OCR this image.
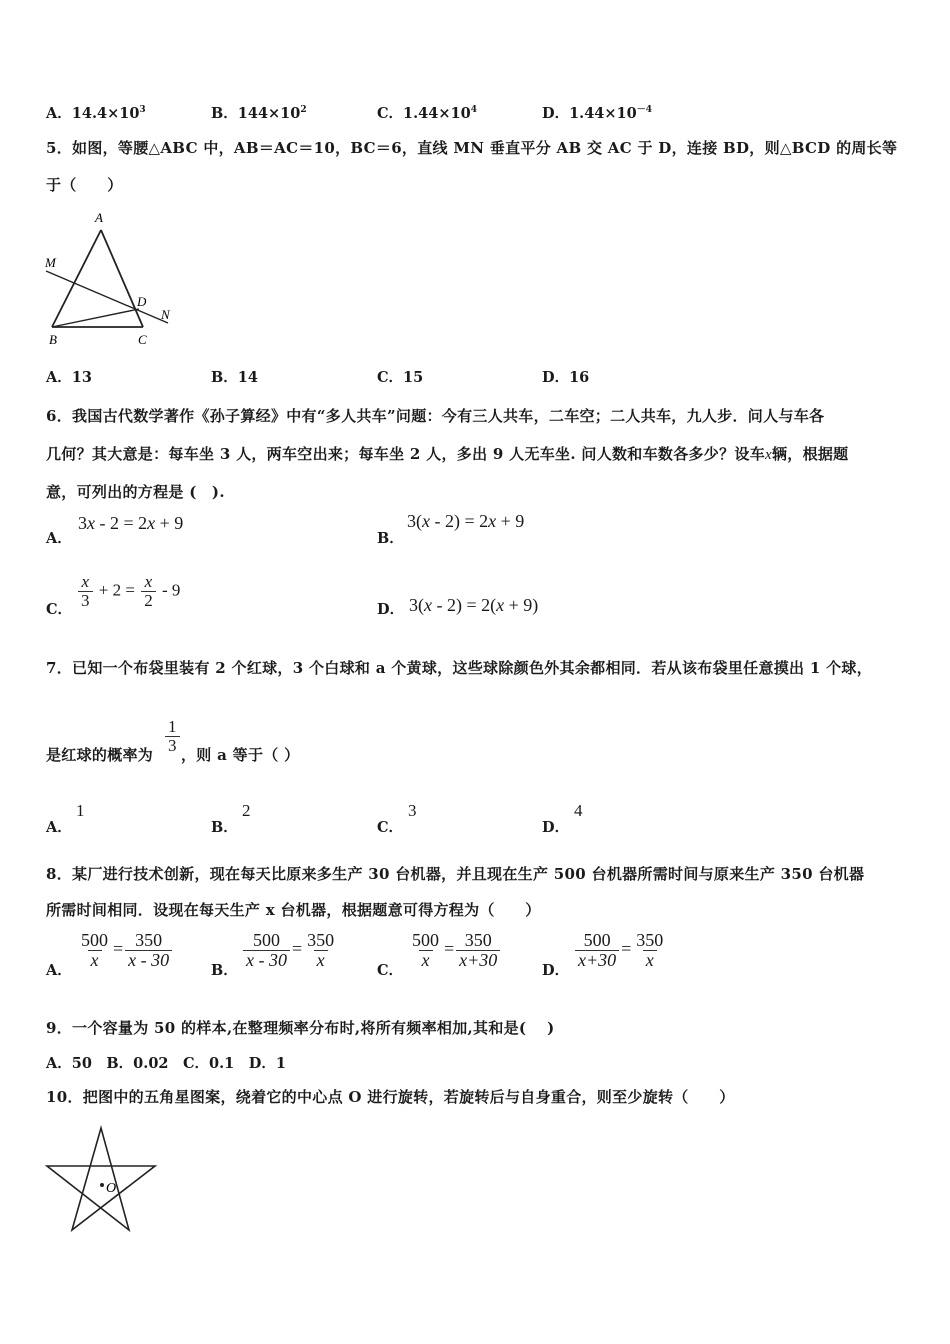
A．$14.4\times 10^3$	B．$144\times 10^2$	C．$1.44\times 10^4$	D．$1.44\times 10^{-4}$
5．如图，等腰△ABC 中，AB＝AC＝10，BC＝6，直线 MN 垂直平分 AB 交 AC 于 D，连接 BD，则△BCD 的周长等
于（　　）
A
M
D
N
B	C
A．13	B．14	C．15	D．16
6．我国古代数学著作《孙子算经》中有“多人共车”问题：今有三人共车，二车空；二人共车，九人步．问人与车各
几何？其大意是：每车坐 3 人，两车空出来；每车坐 2 人，多出 9 人无车坐. 问人数和车数各多少？设车x辆，根据题
意，可列出的方程是 (　).
A．
3x - 2 = 2x + 9
B．
3(x - 2) = 2x + 9
C． $\frac{x}{3} + 2 = \frac{x}{2} - 9$
D． 3(x - 2) = 2(x + 9)
7．已知一个布袋里装有 2 个红球，3 个白球和 a 个黄球，这些球除颜色外其余都相同．若从该布袋里任意摸出 1 个球，
是红球的概率为
$\frac{1}{3}$
，则 a 等于（ ）
A．
1
B．
2
C．
3
D．
4
8．某厂进行技术创新，现在每天比原来多生产 30 台机器，并且现在生产 500 台机器所需时间与原来生产 350 台机器
所需时间相同．设现在每天生产 x 台机器，根据题意可得方程为（　　）
A．
$\frac{500}{x} = \frac{350}{x - 30}$
B．
$\frac{500}{x - 30} = \frac{350}{x}$
C．
$\frac{500}{x} = \frac{350}{x+30}$
D．
$\frac{500}{x+30} = \frac{350}{x}$
9．一个容量为 50 的样本,在整理频率分布时,将所有频率相加,其和是(　 )
A．50　B．0.02　C．0.1　D．1
10．把图中的五角星图案，绕着它的中心点 O 进行旋转，若旋转后与自身重合，则至少旋转（　　）
O
